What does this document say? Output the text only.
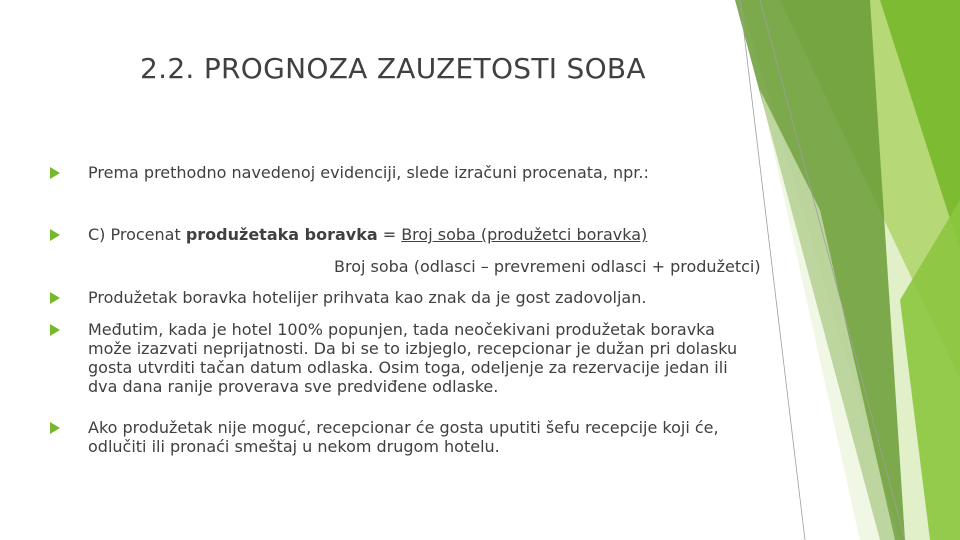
2.2. PROGNOZA ZAUZETOSTI SOBA
Prema prethodno navedenoj evidenciji, slede izračuni procenata, npr.:
C) Procenat produžetaka boravka = Broj soba (produžetci boravka)
Broj soba (odlasci – prevremeni odlasci + produžetci)
Produžetak boravka hotelijer prihvata kao znak da je gost zadovoljan.
Međutim, kada je hotel 100% popunjen, tada neočekivani produžetak boravka može izazvati neprijatnosti. Da bi se to izbjeglo, recepcionar je dužan pri dolasku gosta utvrditi tačan datum odlaska. Osim toga, odeljenje za rezervacije jedan ili dva dana ranije proverava sve predviđene odlaske.
Ako produžetak nije moguć, recepcionar će gosta uputiti šefu recepcije koji će, odlučiti ili pronaći smeštaj u nekom drugom hotelu.
